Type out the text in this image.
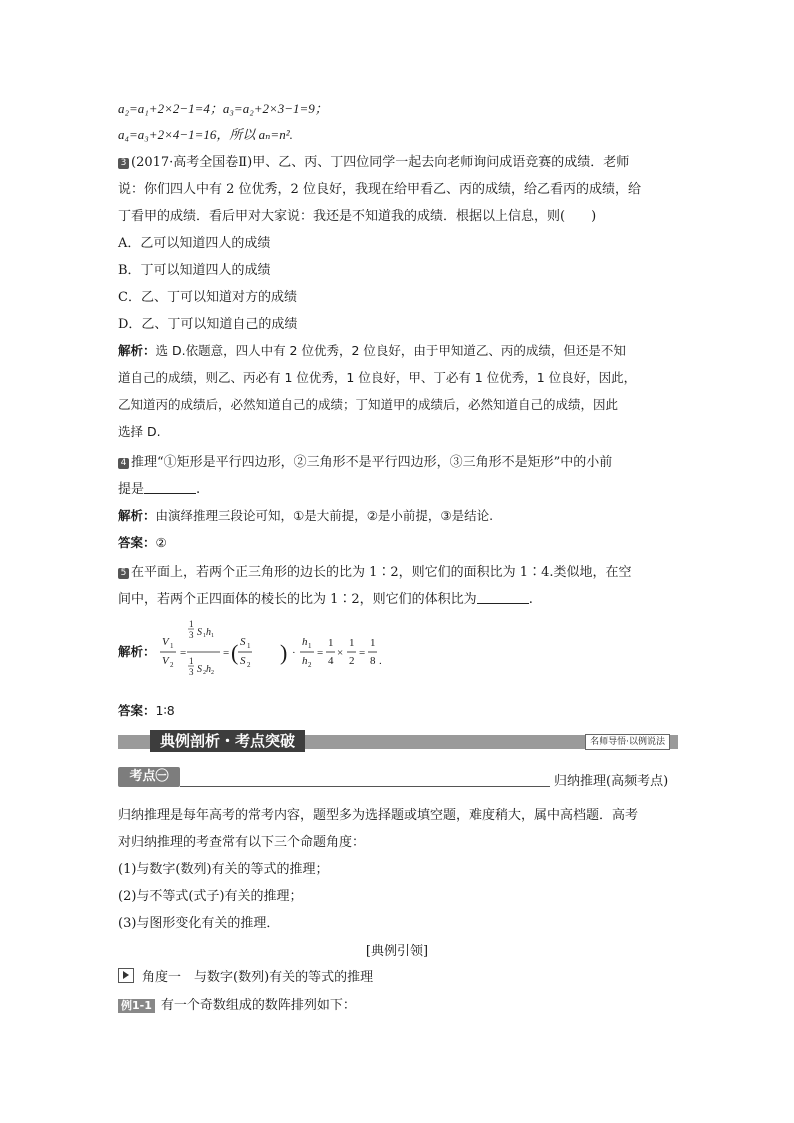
a₂=a₁+2×2−1=4；a₃=a₂+2×3−1=9；
a₄=a₃+2×4−1=16，所以 aₙ=n².
3 (2017·高考全国卷Ⅱ)甲、乙、丙、丁四位同学一起去向老师询问成语竞赛的成绩．老师
说：你们四人中有 2 位优秀，2 位良好，我现在给甲看乙、丙的成绩，给乙看丙的成绩，给
丁看甲的成绩．看后甲对大家说：我还是不知道我的成绩．根据以上信息，则(　　)
A．乙可以知道四人的成绩
B．丁可以知道四人的成绩
C．乙、丁可以知道对方的成绩
D．乙、丁可以知道自己的成绩
解析：选 D.依题意，四人中有 2 位优秀，2 位良好，由于甲知道乙、丙的成绩，但还是不知
道自己的成绩，则乙、丙必有 1 位优秀，1 位良好，甲、丁必有 1 位优秀，1 位良好，因此，
乙知道丙的成绩后，必然知道自己的成绩；丁知道甲的成绩后，必然知道自己的成绩，因此
选择 D.
4 推理“①矩形是平行四边形，②三角形不是平行四边形，③三角形不是矩形”中的小前
提是	.
解析：由演绎推理三段论可知，①是大前提，②是小前提，③是结论.
答案：②
5 在平面上，若两个正三角形的边长的比为 1∶2，则它们的面积比为 1∶4.类似地，在空
间中，若两个正四面体的棱长的比为 1∶2，则它们的体积比为	.
解析：
V 1
V 2
=
1
3 S 1 h 1
1
3 S 2 h 2
= ( S 1
S 2 ) ·
h 1
h 2
=
1
4
×
1
2
=
1
8 .
答案：1∶8
典例剖析・考点突破	名师导悟·以例说法
考点㊀	归纳推理(高频考点)
归纳推理是每年高考的常考内容，题型多为选择题或填空题，难度稍大，属中高档题．高考
对归纳推理的考查常有以下三个命题角度：
(1)与数字(数列)有关的等式的推理；
(2)与不等式(式子)有关的推理；
(3)与图形变化有关的推理．
[典例引领]
角度一　与数字(数列)有关的等式的推理
例1-1 有一个奇数组成的数阵排列如下：
